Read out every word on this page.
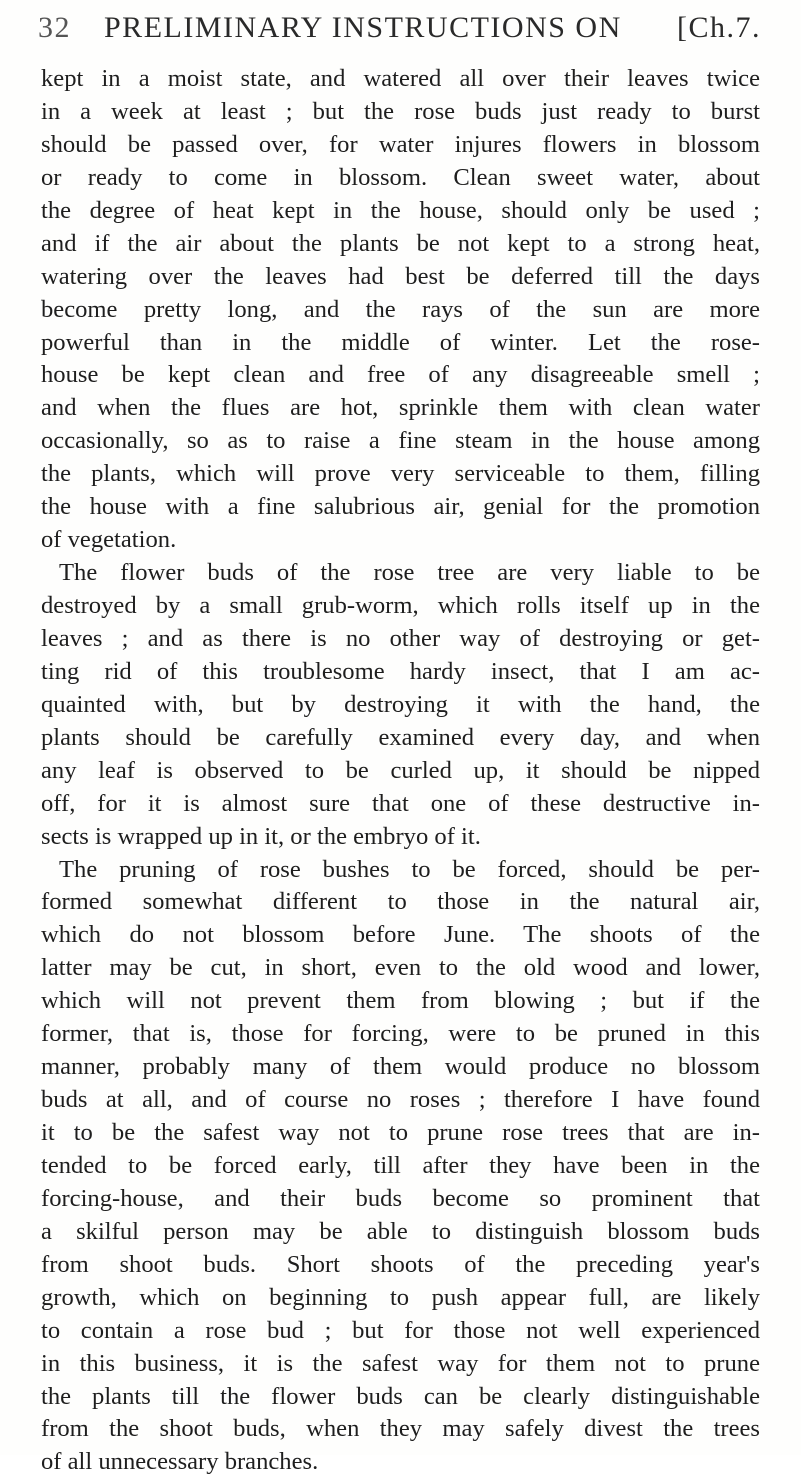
32	PRELIMINARY INSTRUCTIONS ON	[Ch.7.
kept in a moist state, and watered all over their leaves twice
in a week at least ; but the rose buds just ready to burst
should be passed over, for water injures flowers in blossom
or ready to come in blossom. Clean sweet water, about
the degree of heat kept in the house, should only be used ;
and if the air about the plants be not kept to a strong heat,
watering over the leaves had best be deferred till the days
become pretty long, and the rays of the sun are more
powerful than in the middle of winter. Let the rose-
house be kept clean and free of any disagreeable smell ;
and when the flues are hot, sprinkle them with clean water
occasionally, so as to raise a fine steam in the house among
the plants, which will prove very serviceable to them, filling
the house with a fine salubrious air, genial for the promotion
of vegetation.
The flower buds of the rose tree are very liable to be
destroyed by a small grub-worm, which rolls itself up in the
leaves ; and as there is no other way of destroying or get-
ting rid of this troublesome hardy insect, that I am ac-
quainted with, but by destroying it with the hand, the
plants should be carefully examined every day, and when
any leaf is observed to be curled up, it should be nipped
off, for it is almost sure that one of these destructive in-
sects is wrapped up in it, or the embryo of it.
The pruning of rose bushes to be forced, should be per-
formed somewhat different to those in the natural air,
which do not blossom before June. The shoots of the
latter may be cut, in short, even to the old wood and lower,
which will not prevent them from blowing ; but if the
former, that is, those for forcing, were to be pruned in this
manner, probably many of them would produce no blossom
buds at all, and of course no roses ; therefore I have found
it to be the safest way not to prune rose trees that are in-
tended to be forced early, till after they have been in the
forcing-house, and their buds become so prominent that
a skilful person may be able to distinguish blossom buds
from shoot buds. Short shoots of the preceding year's
growth, which on beginning to push appear full, are likely
to contain a rose bud ; but for those not well experienced
in this business, it is the safest way for them not to prune
the plants till the flower buds can be clearly distinguishable
from the shoot buds, when they may safely divest the trees
of all unnecessary branches.
